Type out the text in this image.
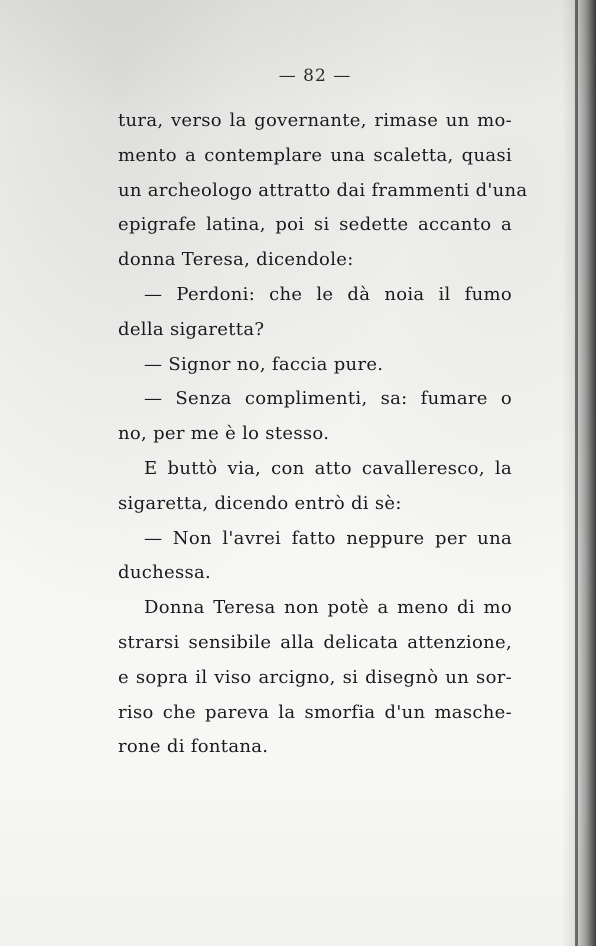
— 82 —
tura, verso la governante, rimase un mo-
mento a contemplare una scaletta, quasi
un archeologo attratto dai frammenti d'una
epigrafe latina, poi si sedette accanto a
donna Teresa, dicendole:
— Perdoni: che le dà noia il fumo
della sigaretta?
— Signor no, faccia pure.
— Senza complimenti, sa: fumare o
no, per me è lo stesso.
E buttò via, con atto cavalleresco, la
sigaretta, dicendo entrò di sè:
— Non l'avrei fatto neppure per una
duchessa.
Donna Teresa non potè a meno di mo
strarsi sensibile alla delicata attenzione,
e sopra il viso arcigno, si disegnò un sor-
riso che pareva la smorfia d'un masche-
rone di fontana.
